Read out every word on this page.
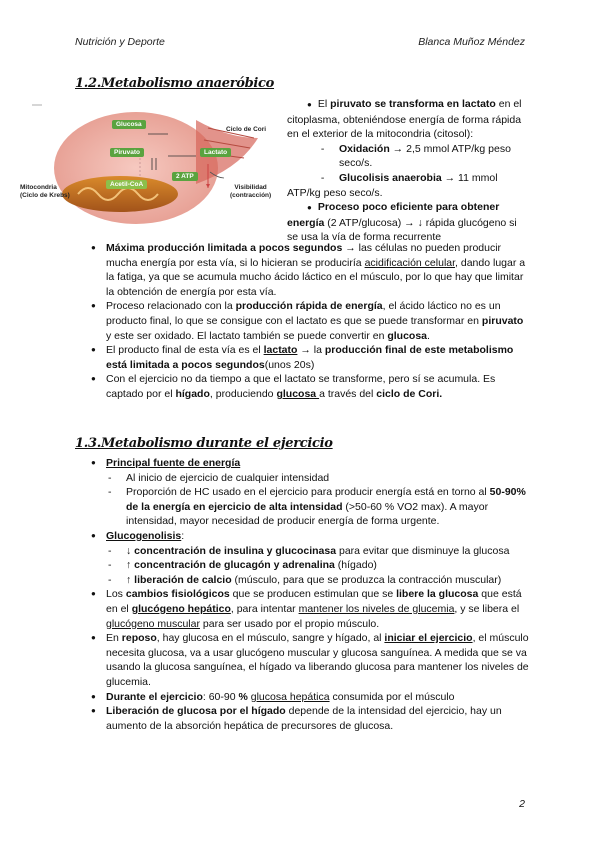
Nutrición y Deporte	Blanca Muñoz Méndez
1.2.Metabolismo anaeróbico
Glucosa
Piruvato	Lactato
2 ATP
Acetil-CoA
Ciclo de Cori
Mitocondria
(Ciclo de Krebs)
Visibilidad
(contracción)
● El piruvato se transforma en lactato en el citoplasma, obteniéndose energía de forma rápida en el exterior de la mitocondria (citosol):
-     Oxidación → 2,5 mmol ATP/kg peso seco/s.
-     Glucolisis anaerobia → 11 mmol ATP/kg peso seco/s.
● Proceso poco eficiente para obtener energía (2 ATP/glucosa) → ↓ rápida glucógeno si se usa la vía de forma recurrente
● Máxima producción limitada a pocos segundos → las células no pueden producir mucha energía por esta vía, si lo hicieran se produciría acidificación celular, dando lugar a la fatiga, ya que se acumula mucho ácido láctico en el músculo, por lo que hay que limitar la obtención de energía por esta vía.
● Proceso relacionado con la producción rápida de energía, el ácido láctico no es un producto final, lo que se consigue con el lactato es que se puede transformar en piruvato y este ser oxidado. El lactato también se puede convertir en glucosa.
● El producto final de esta vía es el lactato → la producción final de este metabolismo está limitada a pocos segundos(unos 20s)
● Con el ejercicio no da tiempo a que el lactato se transforme, pero sí se acumula. Es captado por el hígado, produciendo glucosa a través del ciclo de Cori.
1.3.Metabolismo durante el ejercicio
● Principal fuente de energía
- Al inicio de ejercicio de cualquier intensidad
- Proporción de HC usado en el ejercicio para producir energía está en torno al 50-90% de la energía en ejercicio de alta intensidad (>50-60 % VO2 max). A mayor intensidad, mayor necesidad de producir energía de forma urgente.
● Glucogenolisis:
- ↓ concentración de insulina y glucocinasa para evitar que disminuye la glucosa
- ↑ concentración de glucagón y adrenalina (hígado)
- ↑ liberación de calcio (músculo, para que se produzca la contracción muscular)
● Los cambios fisiológicos que se producen estimulan que se libere la glucosa que está en el glucógeno hepático, para intentar mantener los niveles de glucemia, y se libera el glucógeno muscular para ser usado por el propio músculo.
● En reposo, hay glucosa en el músculo, sangre y hígado, al iniciar el ejercicio, el músculo necesita glucosa, va a usar glucógeno muscular y glucosa sanguínea. A medida que se va usando la glucosa sanguínea, el hígado va liberando glucosa para mantener los niveles de glucemia.
● Durante el ejercicio: 60-90 % glucosa hepática consumida por el músculo
● Liberación de glucosa por el hígado depende de la intensidad del ejercicio, hay un aumento de la absorción hepática de precursores de glucosa.
2
